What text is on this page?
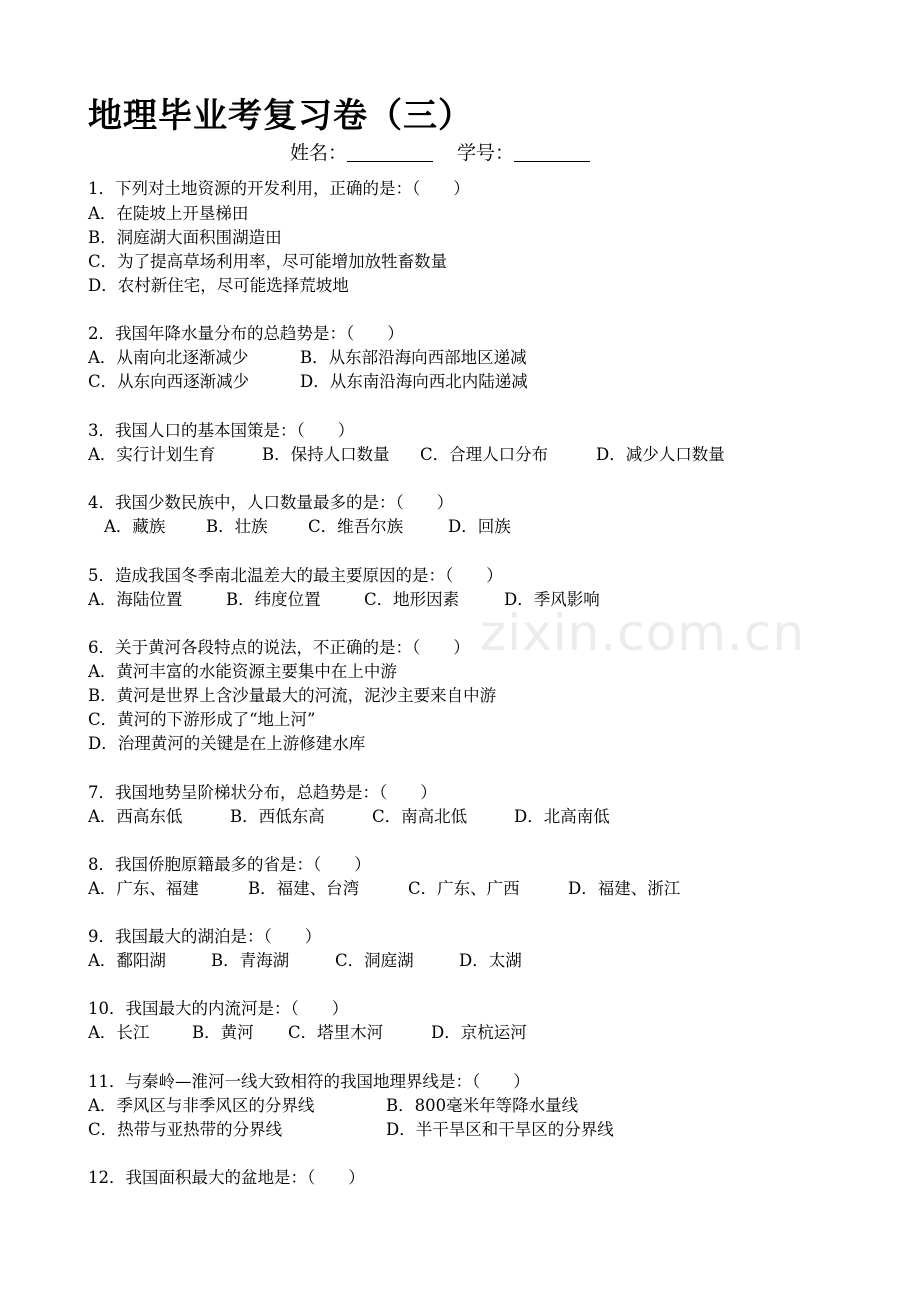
地理毕业考复习卷（三）
姓名：	学号：
1．下列对土地资源的开发利用，正确的是：（　　）
A．在陡坡上开垦梯田
B．洞庭湖大面积围湖造田
C．为了提高草场利用率，尽可能增加放牲畜数量
D．农村新住宅，尽可能选择荒坡地
2．我国年降水量分布的总趋势是：（　　）
A．从南向北逐渐减少	B．从东部沿海向西部地区递减
C．从东向西逐渐减少	D．从东南沿海向西北内陆递减
3．我国人口的基本国策是：（　　）
A．实行计划生育	B．保持人口数量 C．合理人口分布	D．减少人口数量
4．我国少数民族中，人口数量最多的是：（　　）
A．藏族 B．壮族 C．维吾尔族	D．回族
5．造成我国冬季南北温差大的最主要原因的是：（　　）
A．海陆位置	B．纬度位置	C．地形因素	D．季风影响
zixin.com.cn
6．关于黄河各段特点的说法，不正确的是：（　　）
A．黄河丰富的水能资源主要集中在上中游
B．黄河是世界上含沙量最大的河流，泥沙主要来自中游
C．黄河的下游形成了“地上河”
D．治理黄河的关键是在上游修建水库
7．我国地势呈阶梯状分布，总趋势是：（　　）
A．西高东低	B．西低东高	C．南高北低	D．北高南低
8．我国侨胞原籍最多的省是：（　　）
A．广东、福建	B．福建、台湾	C．广东、广西	D．福建、浙江
9．我国最大的湖泊是：（　　）
A．鄱阳湖	B．青海湖	C．洞庭湖	D．太湖
10．我国最大的内流河是：（　　）
A．长江	B．黄河 C．塔里木河	D．京杭运河
11．与秦岭—淮河一线大致相符的我国地理界线是：（　　）
A．季风区与非季风区的分界线	B．800毫米年等降水量线
C．热带与亚热带的分界线	D．半干旱区和干旱区的分界线
12．我国面积最大的盆地是：（　　）
